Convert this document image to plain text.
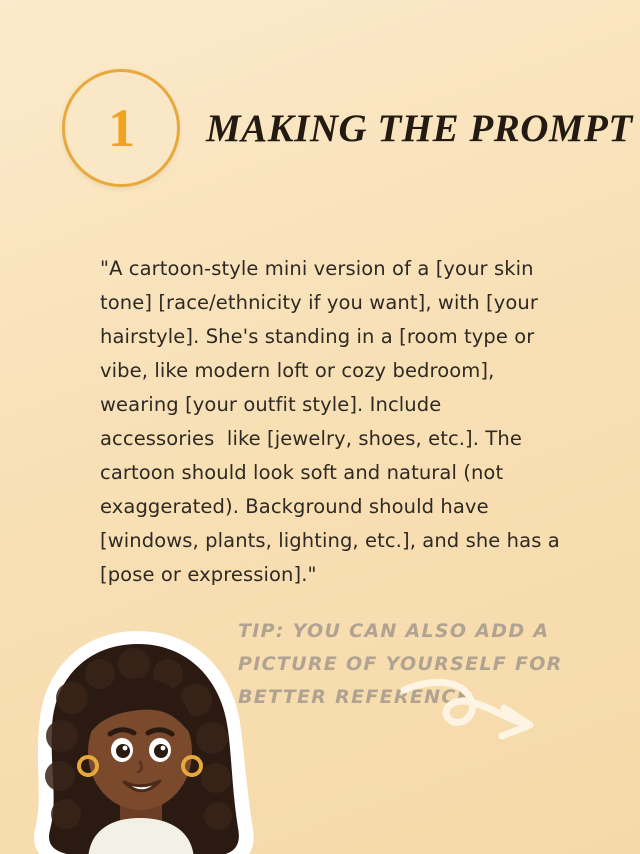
1 MAKING THE PROMPT

"A cartoon-style mini version of a [your skin tone] [race/ethnicity if you want], with [your hairstyle]. She's standing in a [room type or vibe, like modern loft or cozy bedroom], wearing [your outfit style]. Include accessories  like [jewelry, shoes, etc.]. The cartoon should look soft and natural (not exaggerated). Background should have [windows, plants, lighting, etc.], and she has a [pose or expression]."

TIP: YOU CAN ALSO ADD A PICTURE OF YOURSELF FOR BETTER REFERENCE
